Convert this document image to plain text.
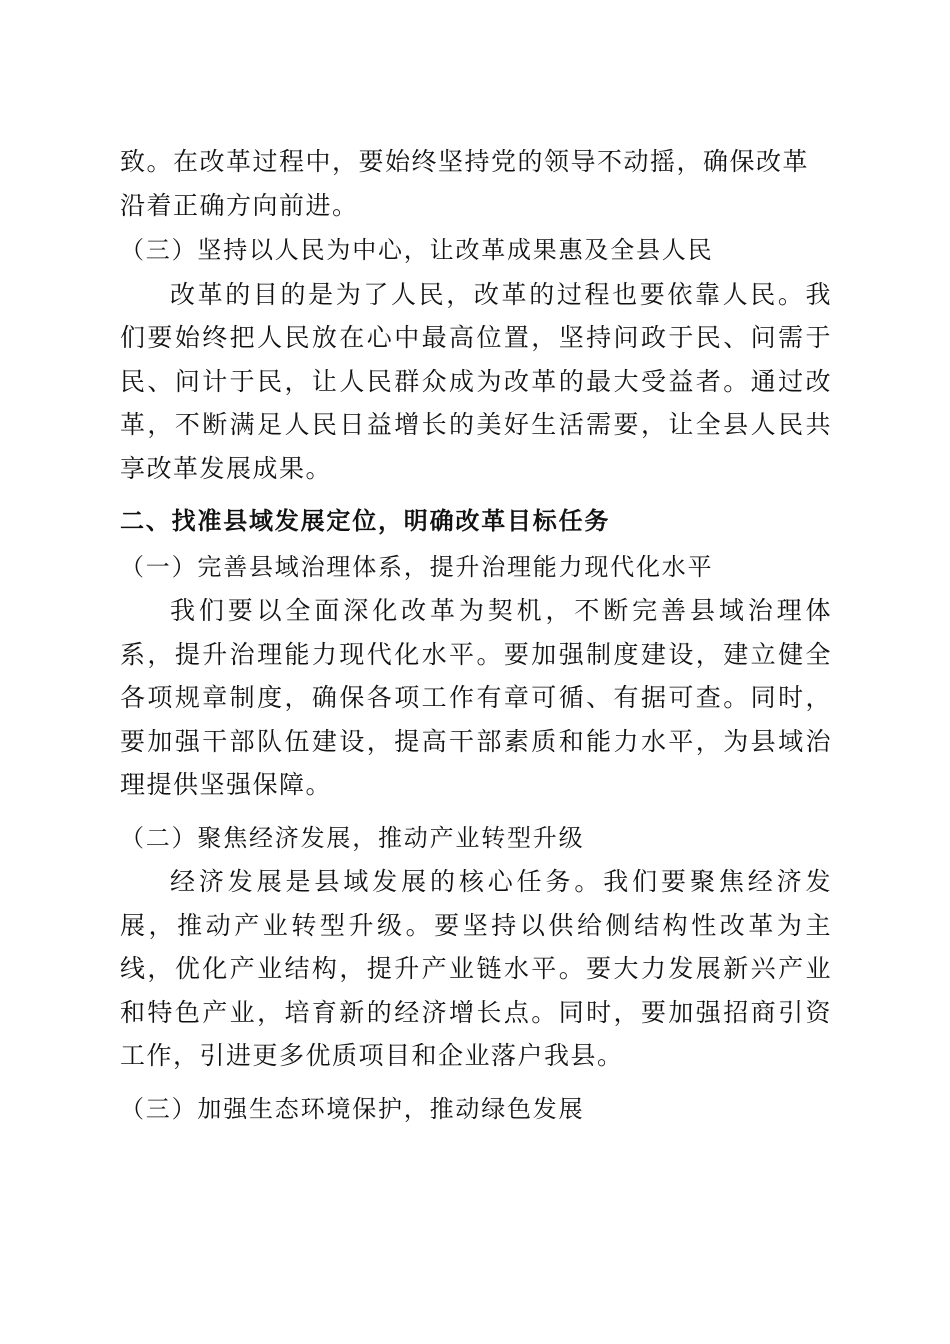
致。在改革过程中，要始终坚持党的领导不动摇，确保改革沿着正确方向前进。

（三）坚持以人民为中心，让改革成果惠及全县人民

改革的目的是为了人民，改革的过程也要依靠人民。我们要始终把人民放在心中最高位置，坚持问政于民、问需于民、问计于民，让人民群众成为改革的最大受益者。通过改革，不断满足人民日益增长的美好生活需要，让全县人民共享改革发展成果。

二、找准县域发展定位，明确改革目标任务

（一）完善县域治理体系，提升治理能力现代化水平

我们要以全面深化改革为契机，不断完善县域治理体系，提升治理能力现代化水平。要加强制度建设，建立健全各项规章制度，确保各项工作有章可循、有据可查。同时，要加强干部队伍建设，提高干部素质和能力水平，为县域治理提供坚强保障。

（二）聚焦经济发展，推动产业转型升级

经济发展是县域发展的核心任务。我们要聚焦经济发展，推动产业转型升级。要坚持以供给侧结构性改革为主线，优化产业结构，提升产业链水平。要大力发展新兴产业和特色产业，培育新的经济增长点。同时，要加强招商引资工作，引进更多优质项目和企业落户我县。

（三）加强生态环境保护，推动绿色发展
